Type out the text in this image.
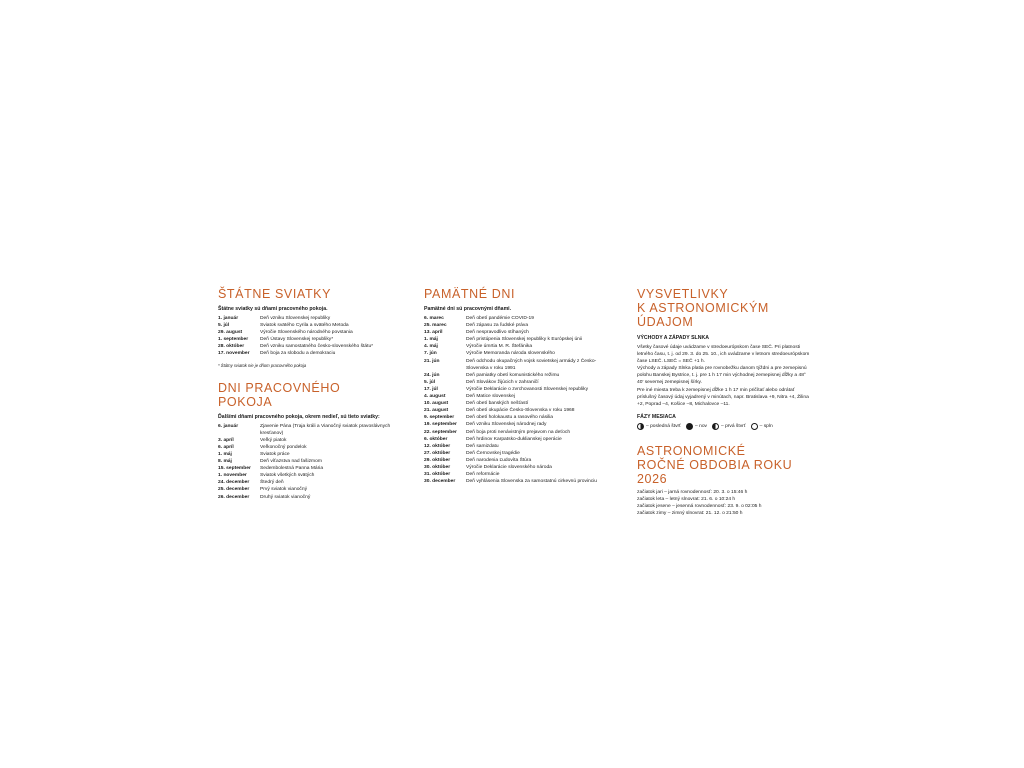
ŠTÁTNE SVIATKY
Štátne sviatky sú dňami pracovného pokoja.
1. január	Deň vzniku Slovenskej republiky
5. júl	Sviatok svätého Cyrila a svätého Metoda
29. august	Výročie Slovenského národného povstania
1. september	Deň Ústavy Slovenskej republiky*
28. október	Deň vzniku samostatného česko-slovenského štátu*
17. november	Deň boja za slobodu a demokraciu
* Štátny sviatok nie je dňom pracovného pokoja
DNI PRACOVNÉHO POKOJA
Ďalšími dňami pracovného pokoja, okrem nedieľ, sú tieto sviatky:
6. január	Zjavenie Pána (Traja králi a Vianočný sviatok pravoslávnych kresťanov)
3. apríl	Veľký piatok
6. apríl	Veľkonočný pondelok
1. máj	Sviatok práce
8. máj	Deň víťazstva nad fašizmom
15. september	Sedembolestná Panna Mária
1. november	Sviatok všetkých svätých
24. december	Štedrý deň
25. december	Prvý sviatok vianočný
26. december	Druhý sviatok vianočný
PAMÄTNÉ DNI
Pamätné dni sú pracovnými dňami.
6. marec	Deň obetí pandémie COVID-19
25. marec	Deň zápasu za ľudské práva
13. apríl	Deň nespravodlivo stíhaných
1. máj	Deň pristúpenia Slovenskej republiky k Európskej únii
4. máj	Výročie úmrtia M. R. Štefánika
7. jún	Výročie Memoranda národa slovenského
21. jún	Deň odchodu okupačných vojsk sovietskej armády z Česko-Slovenska v roku 1991
24. jún	Deň pamiatky obetí komunistického režimu
5. júl	Deň Slovákov žijúcich v zahraničí
17. júl	Výročie Deklarácie o zvrchovanosti Slovenskej republiky
4. august	Deň Matice slovenskej
10. august	Deň obetí banských nešťastí
21. august	Deň obetí okupácie Česko-Slovenska v roku 1968
9. september	Deň obetí holokaustu a rasového násilia
19. september	Deň vzniku Slovenskej národnej rady
22. september	Deň boja proti nenávistným prejavom na deťoch
6. október	Deň hrdinov Karpatsko-duklianskej operácie
12. október	Deň samizdatu
27. október	Deň Černovskej tragédie
29. október	Deň narodenia Ľudovíta Štúra
30. október	Výročie Deklarácie slovenského národa
31. október	Deň reformácie
30. december	Deň vyhlásenia Slovenska za samostatnú cirkevnú provinciu
VYSVETLIVKY
K ASTRONOMICKÝM ÚDAJOM
VÝCHODY A ZÁPADY SLNKA
Všetky časové údaje uvádzame v stredoeurópskom čase SEČ. Pri platnosti letného času, t. j. od 29. 3. do 25. 10., ich uvádzame v letnom stredoeurópskom čase LSEČ. LSEČ = SEČ +1 h.
Východy a západy Slnka platia pre rovnobežku danom týždni a pre zemepisnú polohu Banskej Bystrice, t. j. pre 1 h 17 min východnej zemepisnej dĺžky a 48° 40' severnej zemepisnej šírky.
Pre iné miesta treba k zemepisnej dĺžke 1 h 17 min pričítať alebo odrátať príslušný časový údaj vyjadrený v minútach, napr. Bratislava +9, Nitra +4, Žilina +2, Poprad –4, Košice –8, Michalovce –11.
FÁZY MESIACA
– posledná štvrť	– nov	– prvá štvrť	– spln
ASTRONOMICKÉ
ROČNÉ OBDOBIA ROKU 2026
začiatok jari – jarná rovnodennosť: 20. 3. o 15:46 h
začiatok leta – letný slnovrat: 21. 6. o 10:24 h
začiatok jesene – jesenná rovnodennosť: 23. 9. o 02:05 h
začiatok zimy – zimný slnovrat: 21. 12. o 21:50 h
